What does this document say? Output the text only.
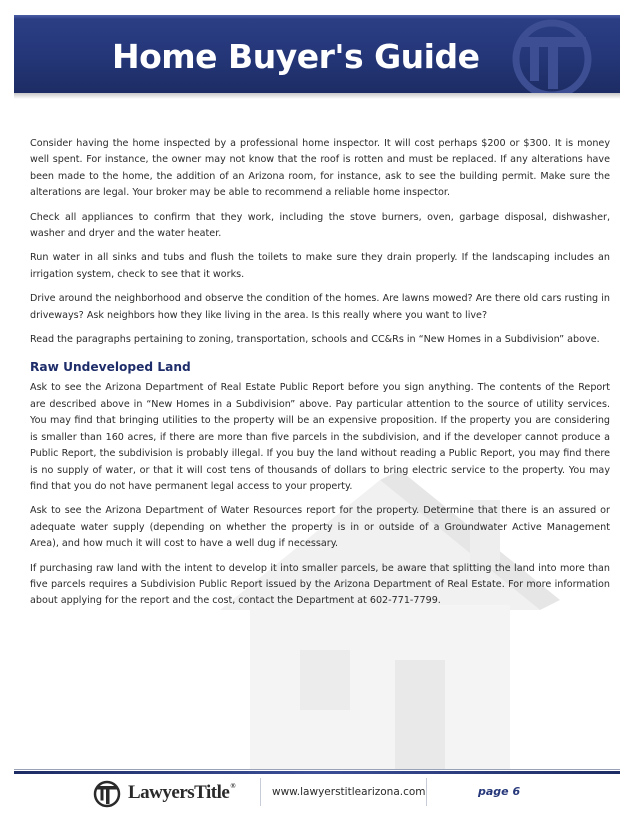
Home Buyer's Guide

Consider having the home inspected by a professional home inspector. It will cost perhaps $200 or $300. It is money well spent. For instance, the owner may not know that the roof is rotten and must be replaced. If any alterations have been made to the home, the addition of an Arizona room, for instance, ask to see the building permit. Make sure the alterations are legal. Your broker may be able to recommend a reliable home inspector.

Check all appliances to confirm that they work, including the stove burners, oven, garbage disposal, dishwasher, washer and dryer and the water heater.

Run water in all sinks and tubs and flush the toilets to make sure they drain properly. If the landscaping includes an irrigation system, check to see that it works.

Drive around the neighborhood and observe the condition of the homes. Are lawns mowed? Are there old cars rusting in driveways? Ask neighbors how they like living in the area. Is this really where you want to live?

Read the paragraphs pertaining to zoning, transportation, schools and CC&Rs in “New Homes in a Subdivision” above.

Raw Undeveloped Land

Ask to see the Arizona Department of Real Estate Public Report before you sign anything. The contents of the Report are described above in “New Homes in a Subdivision” above. Pay particular attention to the source of utility services. You may find that bringing utilities to the property will be an expensive proposition. If the property you are considering is smaller than 160 acres, if there are more than five parcels in the subdivision, and if the developer cannot produce a Public Report, the subdivision is probably illegal. If you buy the land without reading a Public Report, you may find there is no supply of water, or that it will cost tens of thousands of dollars to bring electric service to the property. You may find that you do not have permanent legal access to your property.

Ask to see the Arizona Department of Water Resources report for the property. Determine that there is an assured or adequate water supply (depending on whether the property is in or outside of a Groundwater Active Management Area), and how much it will cost to have a well dug if necessary.

If purchasing raw land with the intent to develop it into smaller parcels, be aware that splitting the land into more than five parcels requires a Subdivision Public Report issued by the Arizona Department of Real Estate. For more information about applying for the report and the cost, contact the Department at 602-771-7799.

LawyersTitle®	www.lawyerstitlearizona.com	page 6
